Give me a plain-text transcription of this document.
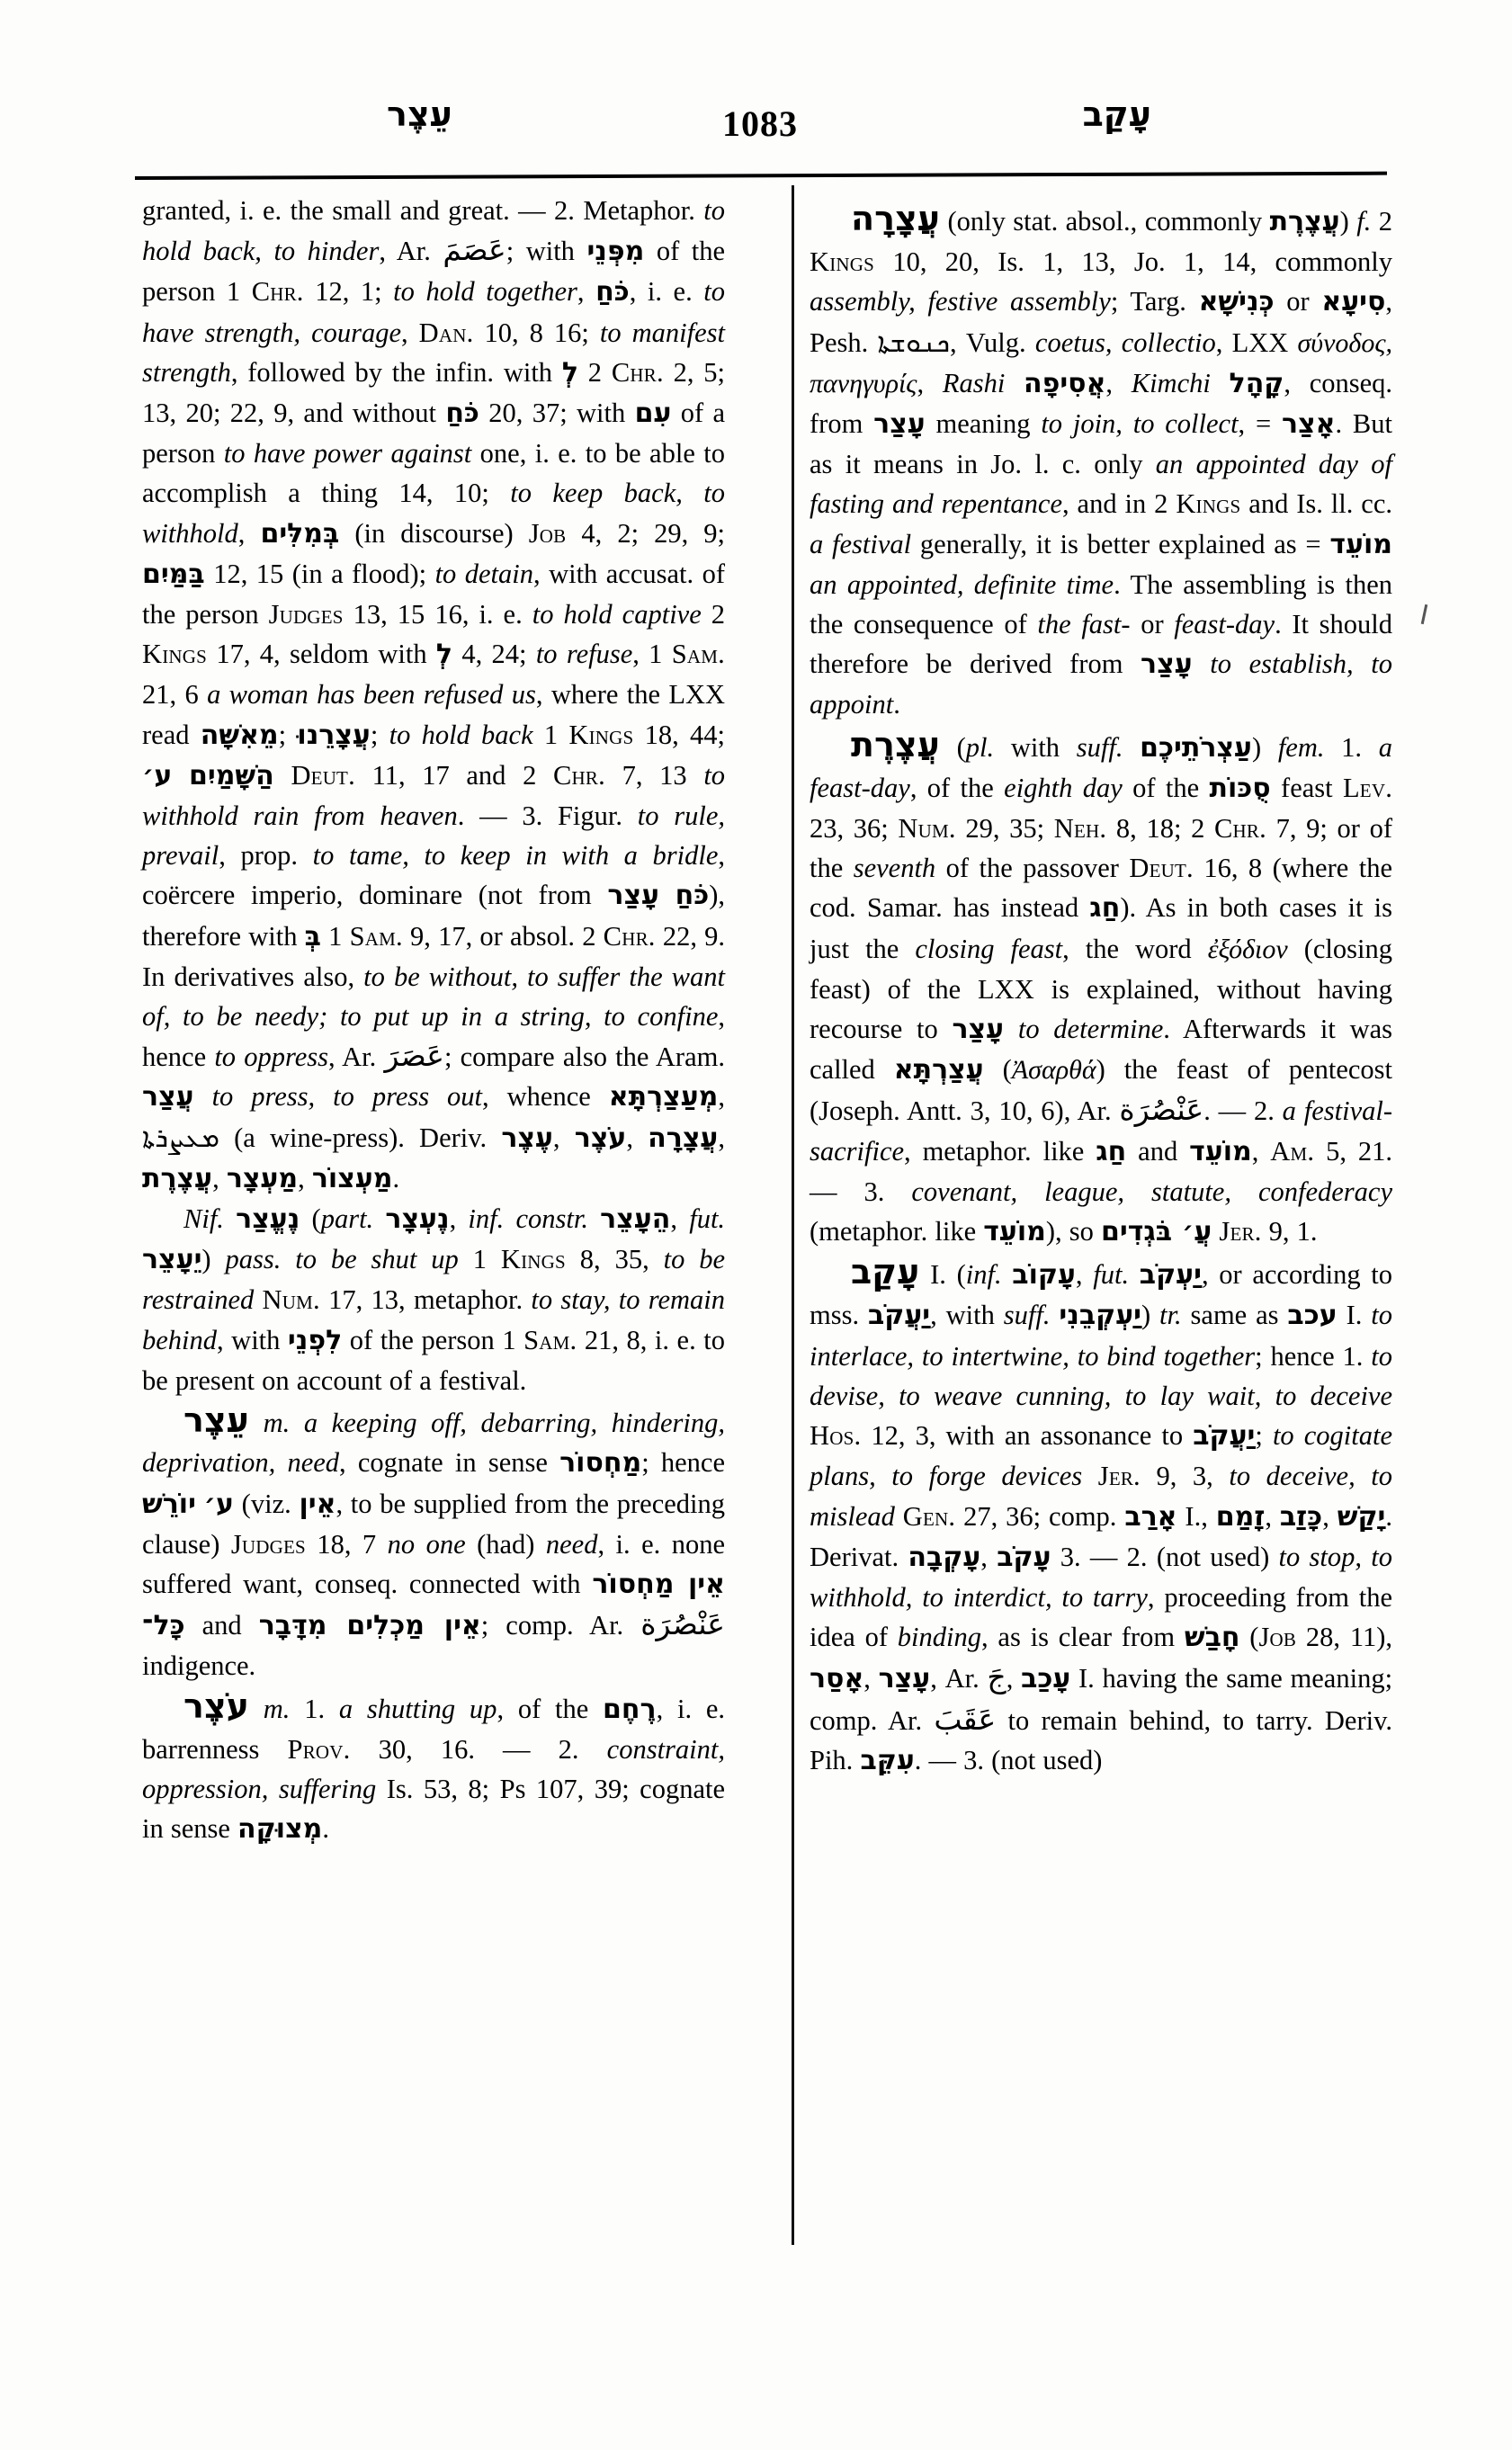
עֵצֶר	1083	עָקַב

granted, i. e. the small and great. — 2. Metaphor. to hold back, to hinder, Ar. عَصَمَ; with מִפְּנֵי of the person 1 Chr. 12, 1; to hold together, כֹּחַ, i. e. to have strength, courage, Dan. 10, 8 16; to manifest strength, followed by the infin. with לְ 2 Chr. 2, 5; 13, 20; 22, 9, and without כֹּחַ 20, 37; with עִם of a person to have power against one, i. e. to be able to accomplish a thing 14, 10; to keep back, to withhold, בְּמִלִּים (in discourse) Job 4, 2; 29, 9; בַּמַּיִם 12, 15 (in a flood); to detain, with accusat. of the person Judges 13, 15 16, i. e. to hold captive 2 Kings 17, 4, seldom with לְ 4, 24; to refuse, 1 Sam. 21, 6 a woman has been refused us, where the LXX read מֵאִשָּׁה; עֲצָרֵנוּ; to hold back 1 Kings 18, 44; ע׳ הַשָּׁמַיִם Deut. 11, 17 and 2 Chr. 7, 13 to withhold rain from heaven. — 3. Figur. to rule, prevail, prop. to tame, to keep in with a bridle, coërcere imperio, dominare (not from עָצַר כֹּחַ), therefore with בְּ 1 Sam. 9, 17, or absol. 2 Chr. 22, 9. In derivatives also, to be without, to suffer the want of, to be needy; to put up in a string, to confine, hence to oppress, Ar. عَصَرَ; compare also the Aram. עֲצַר to press, to press out, whence מְעַצַרְתָּא, ܡܥܨܪܬܐ (a wine-press). Deriv. עֶצֶר, עֹצֶר, עֲצָרָה, עֲצֶרֶת, מַעְצָר, מַעְצוֹר.

Nif. נֶעֱצַר (part. נֶעְצָר, inf. constr. הֵעָצֵר, fut. יֵעָצֵר) pass. to be shut up 1 Kings 8, 35, to be restrained Num. 17, 13, metaphor. to stay, to remain behind, with לִפְנֵי of the person 1 Sam. 21, 8, i. e. to be present on account of a festival.

עֵצֶר m. a keeping off, debarring, hindering, deprivation, need, cognate in sense מַחְסוֹר; hence יוֹרֵשׁ ע׳ (viz. אֵין, to be supplied from the preceding clause) Judges 18, 7 no one (had) need, i. e. none suffered want, conseq. connected with אֵין מַחְסוֹר כָּל־ and אֵין מַכְלִים מִדָּבָר; comp. Ar. عَنْصُرَة indigence.

עֹצֶר m. 1. a shutting up, of the רֶחֶם, i. e. barrenness Prov. 30, 16. — 2. constraint, oppression, suffering Is. 53, 8; Ps 107, 39; cognate in sense מְצוּקָה.

עֲצָרָה (only stat. absol., commonly עֲצֶרֶת) f. 2 Kings 10, 20, Is. 1, 13, Jo. 1, 14, commonly assembly, festive assembly; Targ. כְּנִישָׁא or סִיעָא, Pesh. ܟܢܘܫܬܐ, Vulg. coetus, collectio, LXX σύνοδος, πανηγυρίς, Rashi אֲסִיפָה, Kimchi קָהָל, conseq. from עָצַר meaning to join, to collect, = אָצַר. But as it means in Jo. l. c. only an appointed day of fasting and repentance, and in 2 Kings and Is. ll. cc. a festival generally, it is better explained as = מוֹעֵד an appointed, definite time. The assembling is then the consequence of the fast- or feast-day. It should therefore be derived from עָצַר to establish, to appoint.

עֲצֶרֶת (pl. with suff. עַצְרֹתֵיכֶם) fem. 1. a feast-day, of the eighth day of the סֻכּוֹת feast Lev. 23, 36; Num. 29, 35; Neh. 8, 18; 2 Chr. 7, 9; or of the seventh of the passover Deut. 16, 8 (where the cod. Samar. has instead חַג). As in both cases it is just the closing feast, the word ἐξόδιον (closing feast) of the LXX is explained, without having recourse to עָצַר to determine. Afterwards it was called עֲצַרְתָּא (Ἀσαρθά) the feast of pentecost (Joseph. Antt. 3, 10, 6), Ar. عَنْصُرَة. — 2. a festival-sacrifice, metaphor. like חַג and מוֹעֵד, Am. 5, 21. — 3. covenant, league, statute, confederacy (metaphor. like מוֹעֵד), so עֲ׳ בֹּגְדִים Jer. 9, 1.

עָקַב I. (inf. עָקוֹב, fut. יַעְקֹב, or according to mss. יַעֲקֹב, with suff. יַעְקְבֵנִי) tr. same as עכב I. to interlace, to intertwine, to bind together; hence 1. to devise, to weave cunning, to lay wait, to deceive Hos. 12, 3, with an assonance to יַעֲקֹב; to cogitate plans, to forge devices Jer. 9, 3, to deceive, to mislead Gen. 27, 36; comp. אָרַב I., זָמַם, כָּזַב, יָקַשׁ. Derivat. עָקְבָה, עָקֹב 3. — 2. (not used) to stop, to withhold, to interdict, to tarry, proceeding from the idea of binding, as is clear from חָבַשׁ (Job 28, 11), אָסַר, עָצַר, Ar. جَ, עָכַב I. having the same meaning; comp. Ar. عَقَبَ to remain behind, to tarry. Deriv. Pih. עִקֵּב. — 3. (not used)
